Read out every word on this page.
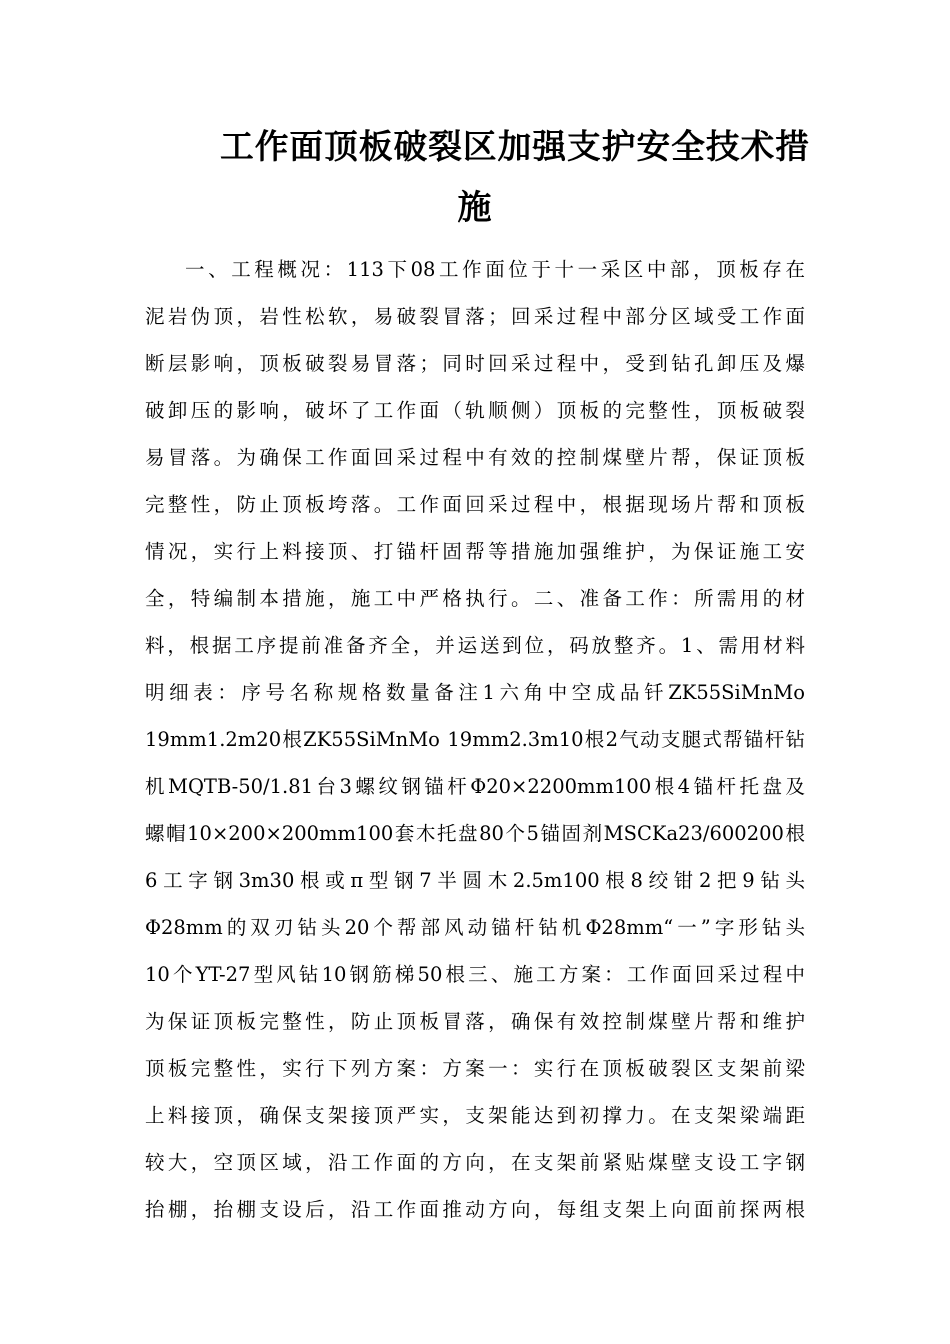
工作面顶板破裂区加强支护安全技术措
施
一、工程概况：113下08工作面位于十一采区中部，顶板存在
泥岩伪顶，岩性松软，易破裂冒落；回采过程中部分区域受工作面
断层影响，顶板破裂易冒落；同时回采过程中，受到钻孔卸压及爆
破卸压的影响，破坏了工作面（轨顺侧）顶板的完整性，顶板破裂
易冒落。为确保工作面回采过程中有效的控制煤壁片帮，保证顶板
完整性，防止顶板垮落。工作面回采过程中，根据现场片帮和顶板
情况，实行上料接顶、打锚杆固帮等措施加强维护，为保证施工安
全，特编制本措施，施工中严格执行。二、准备工作：所需用的材
料，根据工序提前准备齐全，并运送到位，码放整齐。1、需用材料
明细表：序号名称规格数量备注1六角中空成品钎ZK55SiMnMo
19mm1.2m20根ZK55SiMnMo 19mm2.3m10根2气动支腿式帮锚杆钻
机MQTB-50/1.81台3螺纹钢锚杆Φ20×2200mm100根4锚杆托盘及
螺帽10×200×200mm100套木托盘80个5锚固剂MSCKa23/600200根
6工字钢3m30根或π型钢7半圆木2.5m100根8绞钳2把9钻头
Φ28mm的双刃钻头20个帮部风动锚杆钻机Φ28mm“一”字形钻头
10个YT-27型风钻10钢筋梯50根三、施工方案：工作面回采过程中
为保证顶板完整性，防止顶板冒落，确保有效控制煤壁片帮和维护
顶板完整性，实行下列方案：方案一：实行在顶板破裂区支架前梁
上料接顶，确保支架接顶严实，支架能达到初撑力。在支架梁端距
较大，空顶区域，沿工作面的方向，在支架前紧贴煤壁支设工字钢
抬棚，抬棚支设后，沿工作面推动方向，每组支架上向面前探两根
